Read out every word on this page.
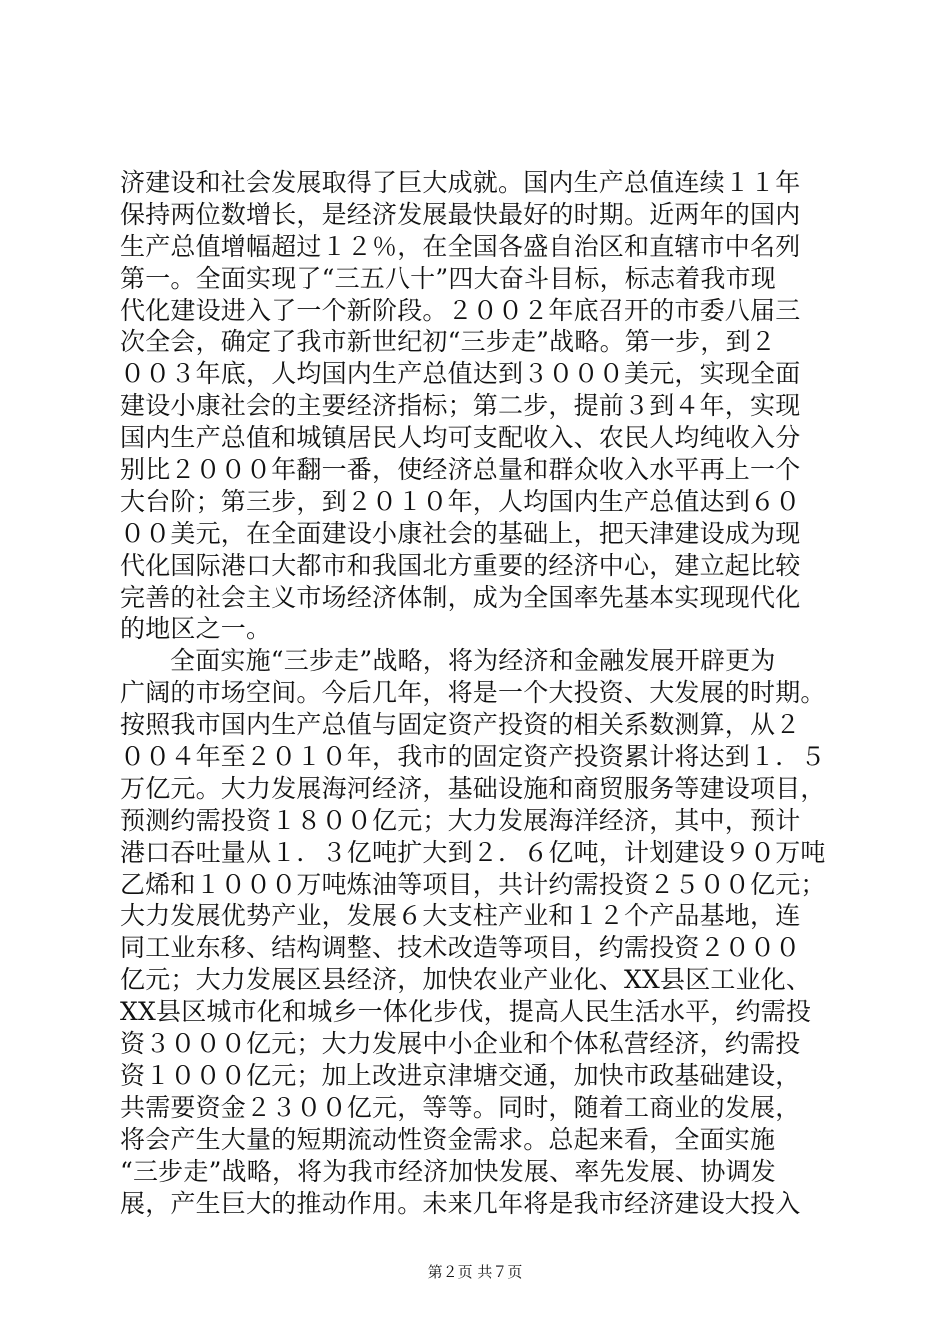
济建设和社会发展取得了巨大成就。国内生产总值连续１１年
保持两位数增长，是经济发展最快最好的时期。近两年的国内
生产总值增幅超过１２％，在全国各盛自治区和直辖市中名列
第一。全面实现了“三五八十”四大奋斗目标，标志着我市现
代化建设进入了一个新阶段。２００２年底召开的市委八届三
次全会，确定了我市新世纪初“三步走”战略。第一步，到２
００３年底，人均国内生产总值达到３０００美元，实现全面
建设小康社会的主要经济指标；第二步，提前３到４年，实现
国内生产总值和城镇居民人均可支配收入、农民人均纯收入分
别比２０００年翻一番，使经济总量和群众收入水平再上一个
大台阶；第三步，到２０１０年，人均国内生产总值达到６０
００美元，在全面建设小康社会的基础上，把天津建设成为现
代化国际港口大都市和我国北方重要的经济中心，建立起比较
完善的社会主义市场经济体制，成为全国率先基本实现现代化
的地区之一。
全面实施“三步走”战略，将为经济和金融发展开辟更为
广阔的市场空间。今后几年，将是一个大投资、大发展的时期。
按照我市国内生产总值与固定资产投资的相关系数测算，从２
００４年至２０１０年，我市的固定资产投资累计将达到１．５
万亿元。大力发展海河经济，基础设施和商贸服务等建设项目，
预测约需投资１８００亿元；大力发展海洋经济，其中，预计
港口吞吐量从１．３亿吨扩大到２．６亿吨，计划建设９０万吨
乙烯和１０００万吨炼油等项目，共计约需投资２５００亿元；
大力发展优势产业，发展６大支柱产业和１２个产品基地，连
同工业东移、结构调整、技术改造等项目，约需投资２０００
亿元；大力发展区县经济，加快农业产业化、XX县区工业化、
XX县区城市化和城乡一体化步伐，提高人民生活水平，约需投
资３０００亿元；大力发展中小企业和个体私营经济，约需投
资１０００亿元；加上改进京津塘交通，加快市政基础建设，
共需要资金２３００亿元，等等。同时，随着工商业的发展，
将会产生大量的短期流动性资金需求。总起来看，全面实施
“三步走”战略，将为我市经济加快发展、率先发展、协调发
展，产生巨大的推动作用。未来几年将是我市经济建设大投入
第２页 共７页
